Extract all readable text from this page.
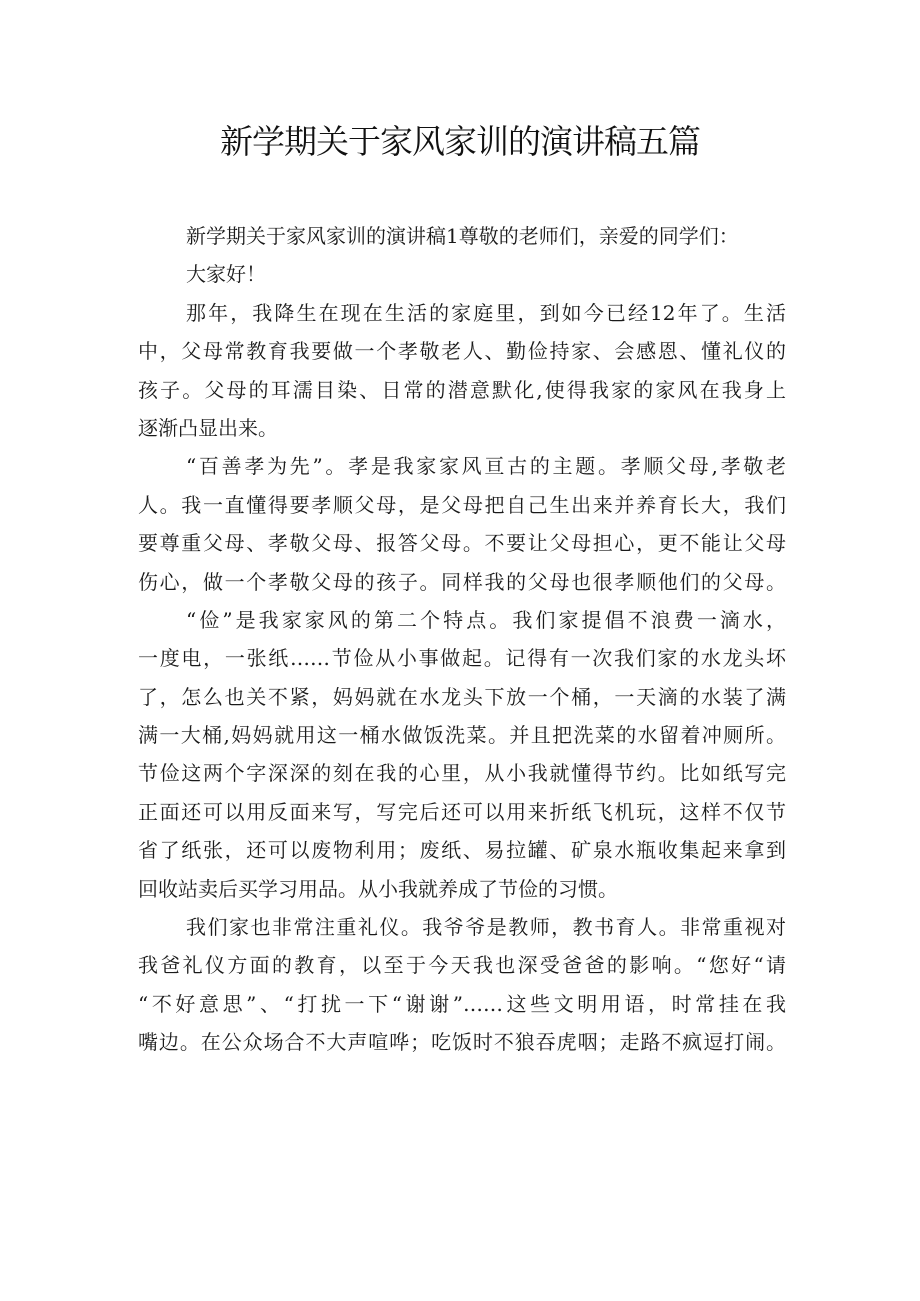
新学期关于家风家训的演讲稿五篇
新学期关于家风家训的演讲稿1尊敬的老师们，亲爱的同学们：
大家好！
那年，我降生在现在生活的家庭里，到如今已经12年了。生活
中，父母常教育我要做一个孝敬老人、勤俭持家、会感恩、懂礼仪的
孩子。父母的耳濡目染、日常的潜意默化,使得我家的家风在我身上
逐渐凸显出来。
“百善孝为先”。孝是我家家风亘古的主题。孝顺父母,孝敬老
人。我一直懂得要孝顺父母，是父母把自己生出来并养育长大，我们
要尊重父母、孝敬父母、报答父母。不要让父母担心，更不能让父母
伤心，做一个孝敬父母的孩子。同样我的父母也很孝顺他们的父母。
“俭”是我家家风的第二个特点。我们家提倡不浪费一滴水，
一度电，一张纸……节俭从小事做起。记得有一次我们家的水龙头坏
了，怎么也关不紧，妈妈就在水龙头下放一个桶，一天滴的水装了满
满一大桶,妈妈就用这一桶水做饭洗菜。并且把洗菜的水留着冲厕所。
节俭这两个字深深的刻在我的心里，从小我就懂得节约。比如纸写完
正面还可以用反面来写，写完后还可以用来折纸飞机玩，这样不仅节
省了纸张，还可以废物利用；废纸、易拉罐、矿泉水瓶收集起来拿到
回收站卖后买学习用品。从小我就养成了节俭的习惯。
我们家也非常注重礼仪。我爷爷是教师，教书育人。非常重视对
我爸礼仪方面的教育，以至于今天我也深受爸爸的影响。“您好“请
“不好意思”、“打扰一下“谢谢”……这些文明用语，时常挂在我
嘴边。在公众场合不大声喧哗；吃饭时不狼吞虎咽；走路不疯逗打闹。
